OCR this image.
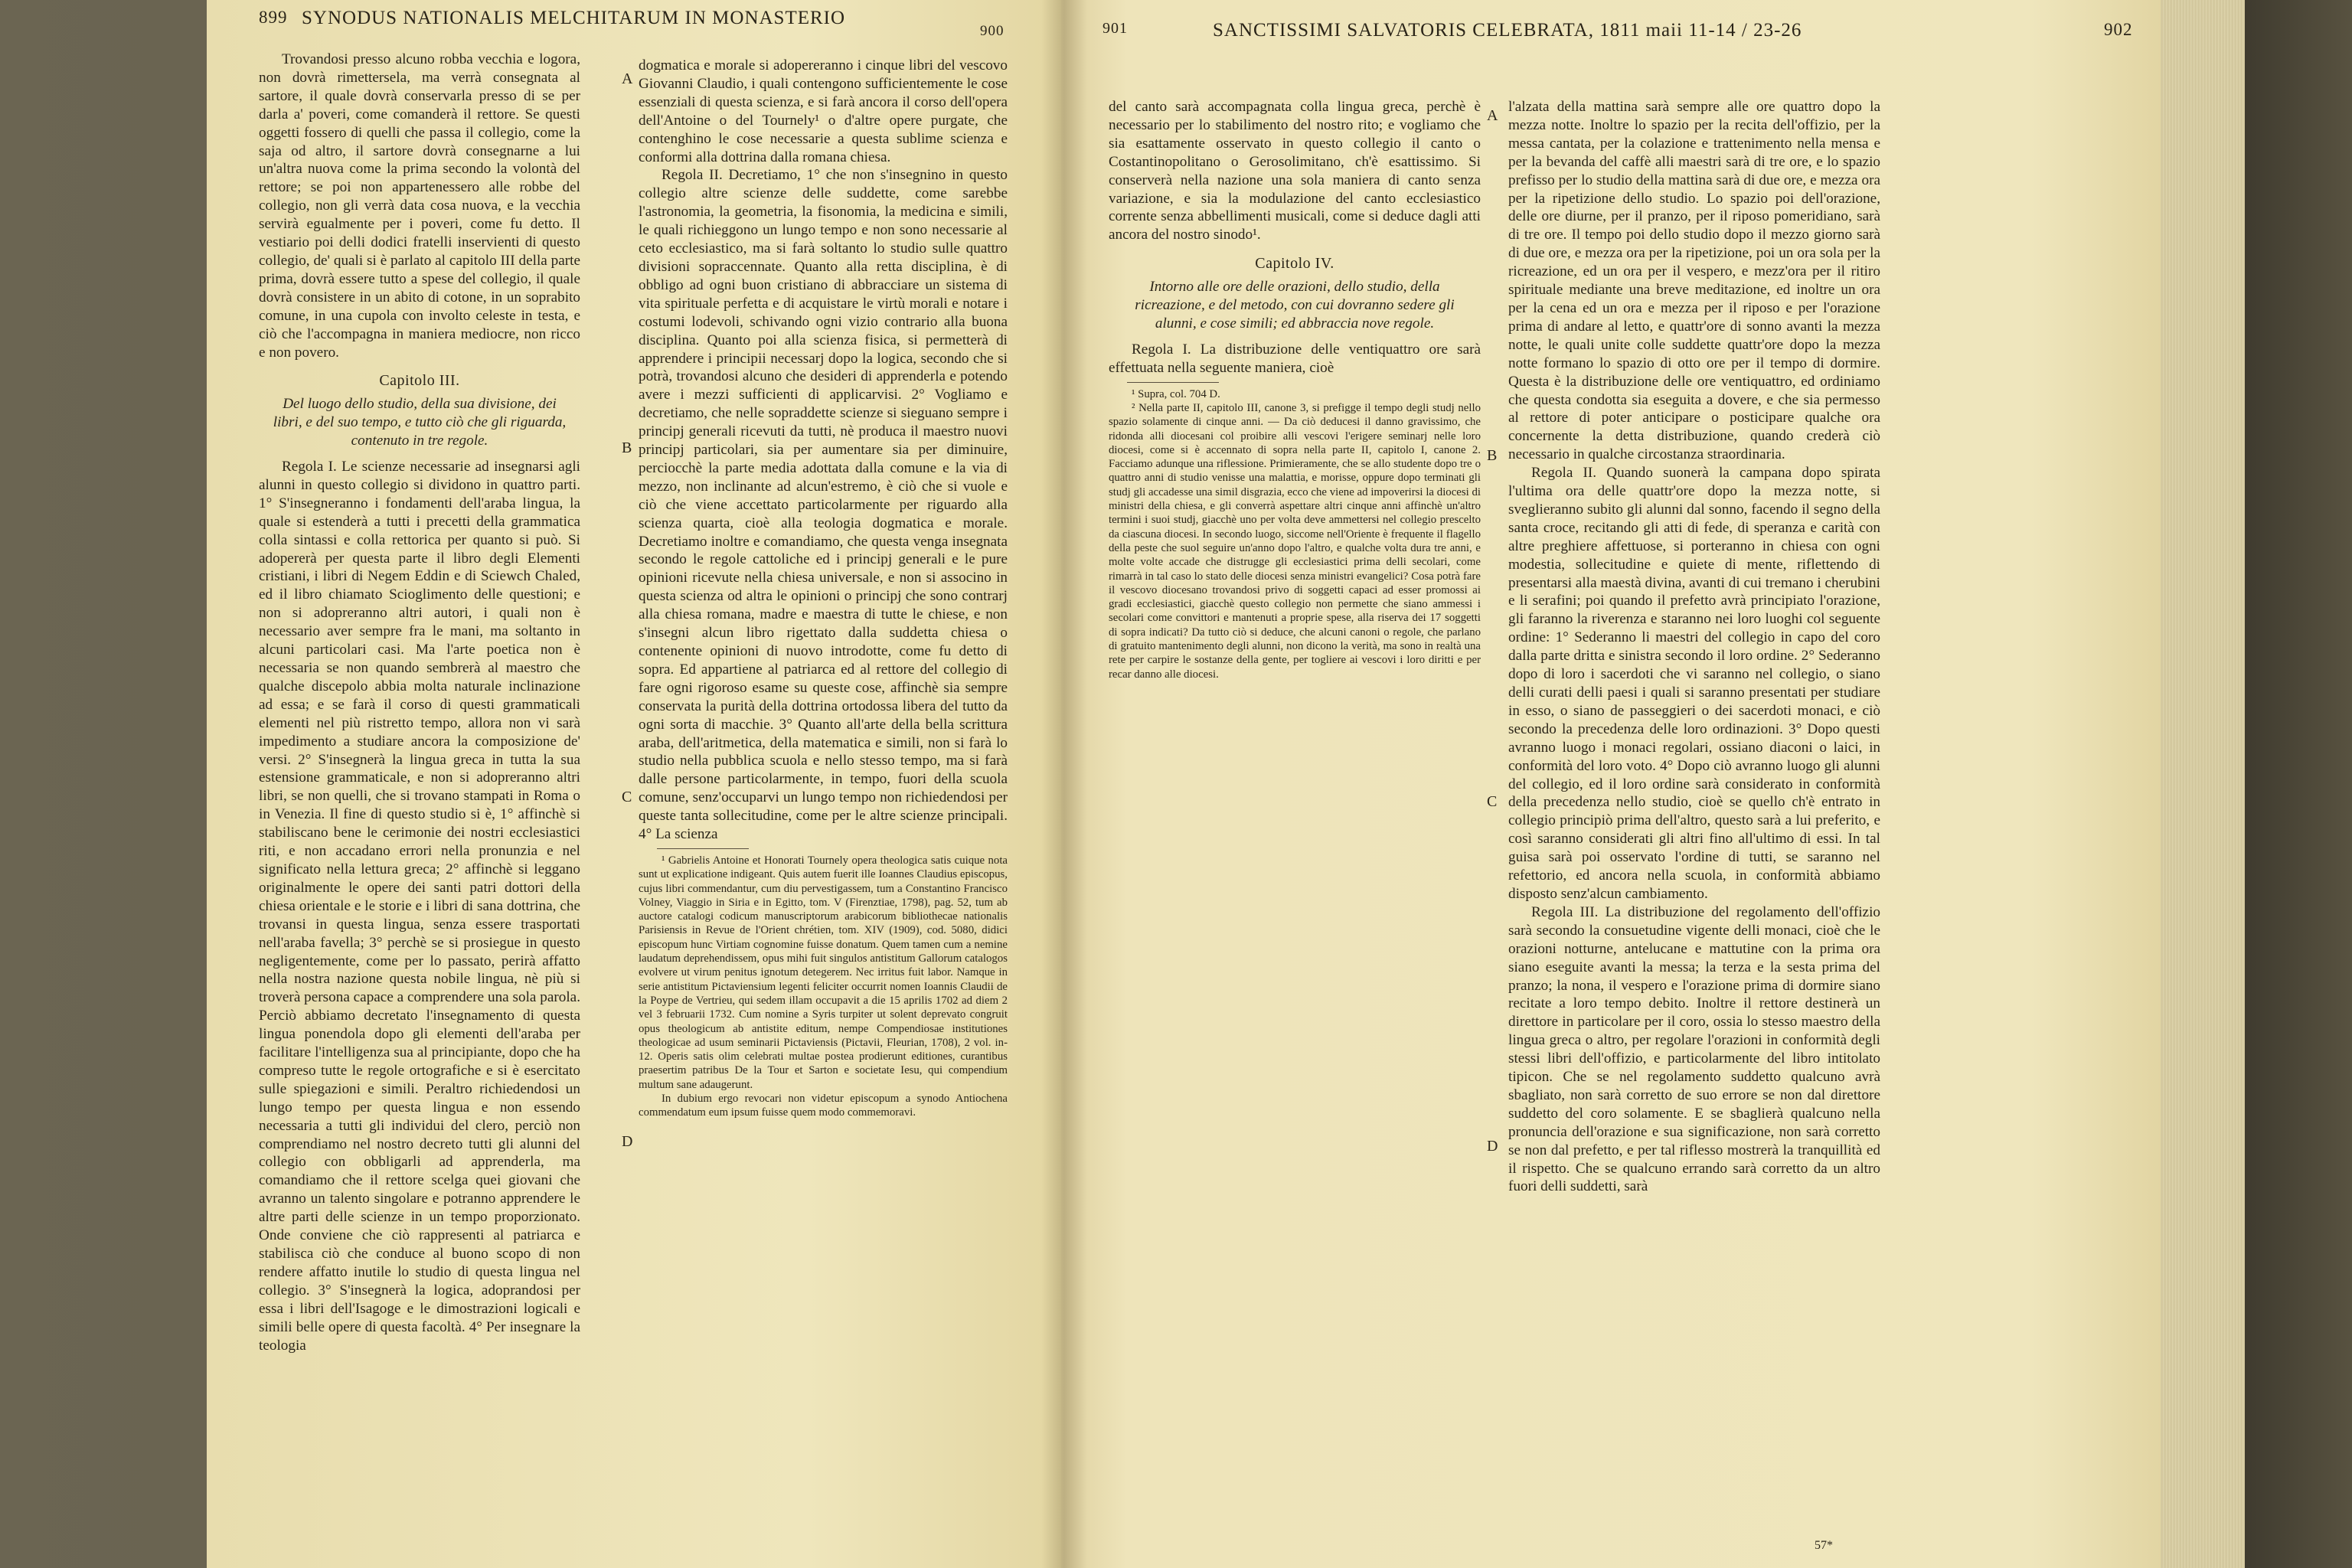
899 SYNODUS NATIONALIS MELCHITARUM IN MONASTERIO
900

Trovandosi presso alcuno robba vecchia e logora, non dovrà rimettersela, ma verrà consegnata al sartore, il quale dovrà conservarla presso di se per darla a' poveri, come comanderà il rettore. Se questi oggetti fossero di quelli che passa il collegio, come la saja od altro, il sartore dovrà consegnarne a lui un'altra nuova come la prima secondo la volontà del rettore; se poi non appartenessero alle robbe del collegio, non gli verrà data cosa nuova, e la vecchia servirà egualmente per i poveri, come fu detto. Il vestiario poi delli dodici fratelli inservienti di questo collegio, de' quali si è parlato al capitolo III della parte prima, dovrà essere tutto a spese del collegio, il quale dovrà consistere in un abito di cotone, in un soprabito comune, in una cupola con involto celeste in testa, e ciò che l'accompagna in maniera mediocre, non ricco e non povero.

Capitolo III.
Del luogo dello studio, della sua divisione, dei libri, e del suo tempo, e tutto ciò che gli riguarda, contenuto in tre regole.

Regola I. Le scienze necessarie ad insegnarsi agli alunni in questo collegio si dividono in quattro parti. 1° S'insegneranno i fondamenti dell'araba lingua, la quale si estenderà a tutti i precetti della grammatica colla sintassi e colla rettorica per quanto si può. Si adopererà per questa parte il libro degli Elementi cristiani, i libri di Negem Eddin e di Sciewch Chaled, ed il libro chiamato Scioglimento delle questioni; e non si adopreranno altri autori, i quali non è necessario aver sempre fra le mani, ma soltanto in alcuni particolari casi. Ma l'arte poetica non è necessaria se non quando sembrerà al maestro che qualche discepolo abbia molta naturale inclinazione ad essa; e se farà il corso di questi grammaticali elementi nel più ristretto tempo, allora non vi sarà impedimento a studiare ancora la composizione de' versi. 2° S'insegnerà la lingua greca in tutta la sua estensione grammaticale, e non si adopreranno altri libri, se non quelli, che si trovano stampati in Roma o in Venezia. Il fine di questo studio si è, 1° affinchè si stabiliscano bene le cerimonie dei nostri ecclesiastici riti, e non accadano errori nella pronunzia e nel significato nella lettura greca; 2° affinchè si leggano originalmente le opere dei santi patri dottori della chiesa orientale e le storie e i libri di sana dottrina, che trovansi in questa lingua, senza essere trasportati nell'araba favella; 3° perchè se si prosiegue in questo negligentemente, come per lo passato, perirà affatto nella nostra nazione questa nobile lingua, nè più si troverà persona capace a comprendere una sola parola. Perciò abbiamo decretato l'insegnamento di questa lingua ponendola dopo gli elementi dell'araba per facilitare l'intelligenza sua al principiante, dopo che ha compreso tutte le regole ortografiche e si è esercitato sulle spiegazioni e simili. Peraltro richiedendosi un lungo tempo per questa lingua e non essendo necessaria a tutti gli individui del clero, perciò non comprendiamo nel nostro decreto tutti gli alunni del collegio con obbligarli ad apprenderla, ma comandiamo che il rettore scelga quei giovani che avranno un talento singolare e potranno apprendere le altre parti delle scienze in un tempo proporzionato. Onde conviene che ciò rappresenti al patriarca e stabilisca ciò che conduce al buono scopo di non rendere affatto inutile lo studio di questa lingua nel collegio. 3° S'insegnerà la logica, adoprandosi per essa i libri dell'Isagoge e le dimostrazioni logicali e simili belle opere di questa facoltà. 4° Per insegnare la teologia

dogmatica e morale si adopereranno i cinque libri del vescovo Giovanni Claudio, i quali contengono sufficientemente le cose essenziali di questa scienza, e si farà ancora il corso dell'opera dell'Antoine o del Tournely¹ o d'altre opere purgate, che contenghino le cose necessarie a questa sublime scienza e conformi alla dottrina dalla romana chiesa.

Regola II. Decretiamo, 1° che non s'insegnino in questo collegio altre scienze delle suddette, come sarebbe l'astronomia, la geometria, la fisonomia, la medicina e simili, le quali richieggono un lungo tempo e non sono necessarie al ceto ecclesiastico, ma si farà soltanto lo studio sulle quattro divisioni sopraccennate. Quanto alla retta disciplina, è di obbligo ad ogni buon cristiano di abbracciare un sistema di vita spirituale perfetta e di acquistare le virtù morali e notare i costumi lodevoli, schivando ogni vizio contrario alla buona disciplina. Quanto poi alla scienza fisica, si permetterà di apprendere i principii necessarj dopo la logica, secondo che si potrà, trovandosi alcuno che desideri di apprenderla e potendo avere i mezzi sufficienti di applicarvisi. 2° Vogliamo e decretiamo, che nelle sopraddette scienze si sieguano sempre i principj generali ricevuti da tutti, nè produca il maestro nuovi principj particolari, sia per aumentare sia per diminuire, perciocchè la parte media adottata dalla comune e la via di mezzo, non inclinante ad alcun'estremo, è ciò che si vuole e ciò che viene accettato particolarmente per riguardo alla scienza quarta, cioè alla teologia dogmatica e morale. Decretiamo inoltre e comandiamo, che questa venga insegnata secondo le regole cattoliche ed i principj generali e le pure opinioni ricevute nella chiesa universale, e non si associno in questa scienza od altra le opinioni o principj che sono contrarj alla chiesa romana, madre e maestra di tutte le chiese, e non s'insegni alcun libro rigettato dalla suddetta chiesa o contenente opinioni di nuovo introdotte, come fu detto di sopra. Ed appartiene al patriarca ed al rettore del collegio di fare ogni rigoroso esame su queste cose, affinchè sia sempre conservata la purità della dottrina ortodossa libera del tutto da ogni sorta di macchie. 3° Quanto all'arte della bella scrittura araba, dell'aritmetica, della matematica e simili, non si farà lo studio nella pubblica scuola e nello stesso tempo, ma si farà dalle persone particolarmente, in tempo, fuori della scuola comune, senz'occuparvi un lungo tempo non richiedendosi per queste tanta sollecitudine, come per le altre scienze principali. 4° La scienza

¹ Gabrielis Antoine et Honorati Tournely opera theologica satis cuique nota sunt ut explicatione indigeant. Quis autem fuerit ille Ioannes Claudius episcopus, cujus libri commendantur, cum diu pervestigassem, tum a Constantino Francisco Volney, Viaggio in Siria e in Egitto, tom. V (Firenztiae, 1798), pag. 52, tum ab auctore catalogi codicum manuscriptorum arabicorum bibliothecae nationalis Parisiensis in Revue de l'Orient chrétien, tom. XIV (1909), cod. 5080, didici episcopum hunc Virtiam cognomine fuisse donatum. Quem tamen cum a nemine laudatum deprehendissem, opus mihi fuit singulos antistitum Gallorum catalogos evolvere ut virum penitus ignotum detegerem. Nec irritus fuit labor. Namque in serie antistitum Pictaviensium legenti feliciter occurrit nomen Ioannis Claudii de la Poype de Vertrieu, qui sedem illam occupavit a die 15 aprilis 1702 ad diem 2 vel 3 februarii 1732. Cum nomine a Syris turpiter ut solent deprevato congruit opus theologicum ab antistite editum, nempe Compendiosae institutiones theologicae ad usum seminarii Pictaviensis (Pictavii, Fleurian, 1708), 2 vol. in-12. Operis satis olim celebrati multae postea prodierunt editiones, curantibus praesertim patribus De la Tour et Sarton e societate Iesu, qui compendium multum sane adaugerunt.

In dubium ergo revocari non videtur episcopum a synodo Antiochena commendatum eum ipsum fuisse quem modo commemoravi.

A
B
C
D
901	SANCTISSIMI SALVATORIS CELEBRATA, 1811 maii 11-14 / 23-26	902

del canto sarà accompagnata colla lingua greca, perchè è necessario per lo stabilimento del nostro rito; e vogliamo che sia esattamente osservato in questo collegio il canto o Costantinopolitano o Gerosolimitano, ch'è esattissimo. Si conserverà nella nazione una sola maniera di canto senza variazione, e sia la modulazione del canto ecclesiastico corrente senza abbellimenti musicali, come si deduce dagli atti ancora del nostro sinodo¹.

Capitolo IV.
Intorno alle ore delle orazioni, dello studio, della ricreazione, e del metodo, con cui dovranno sedere gli alunni, e cose simili; ed abbraccia nove regole.

Regola I. La distribuzione delle ventiquattro ore sarà effettuata nella seguente maniera, cioè

¹ Supra, col. 704 D.

² Nella parte II, capitolo III, canone 3, si prefigge il tempo degli studj nello spazio solamente di cinque anni. — Da ciò deducesi il danno gravissimo, che ridonda alli diocesani col proibire alli vescovi l'erigere seminarj nelle loro diocesi, come si è accennato di sopra nella parte II, capitolo I, canone 2. Facciamo adunque una riflessione. Primieramente, che se allo studente dopo tre o quattro anni di studio venisse una malattia, e morisse, oppure dopo terminati gli studj gli accadesse una simil disgrazia, ecco che viene ad impoverirsi la diocesi di ministri della chiesa, e gli converrà aspettare altri cinque anni affinchè un'altro termini i suoi studj, giacchè uno per volta deve ammettersi nel collegio prescelto da ciascuna diocesi. In secondo luogo, siccome nell'Oriente è frequente il flagello della peste che suol seguire un'anno dopo l'altro, e qualche volta dura tre anni, e molte volte accade che distrugge gli ecclesiastici prima delli secolari, come rimarrà in tal caso lo stato delle diocesi senza ministri evangelici? Cosa potrà fare il vescovo diocesano trovandosi privo di soggetti capaci ad esser promossi ai gradi ecclesiastici, giacchè questo collegio non permette che siano ammessi i secolari come convittori e mantenuti a proprie spese, alla riserva dei 17 soggetti di sopra indicati? Da tutto ciò si deduce, che alcuni canoni o regole, che parlano di gratuito mantenimento degli alunni, non dicono la verità, ma sono in realtà una rete per carpire le sostanze della gente, per togliere ai vescovi i loro diritti e per recar danno alle diocesi.

A
B
C
D

l'alzata della mattina sarà sempre alle ore quattro dopo la mezza notte. Inoltre lo spazio per la recita dell'offizio, per la messa cantata, per la colazione e trattenimento nella mensa e per la bevanda del caffè alli maestri sarà di tre ore, e lo spazio prefisso per lo studio della mattina sarà di due ore, e mezza ora per la ripetizione dello studio. Lo spazio poi dell'orazione, delle ore diurne, per il pranzo, per il riposo pomeridiano, sarà di tre ore. Il tempo poi dello studio dopo il mezzo giorno sarà di due ore, e mezza ora per la ripetizione, poi un ora sola per la ricreazione, ed un ora per il vespero, e mezz'ora per il ritiro spirituale mediante una breve meditazione, ed inoltre un ora per la cena ed un ora e mezza per il riposo e per l'orazione prima di andare al letto, e quattr'ore di sonno avanti la mezza notte, le quali unite colle suddette quattr'ore dopo la mezza notte formano lo spazio di otto ore per il tempo di dormire. Questa è la distribuzione delle ore ventiquattro, ed ordiniamo che questa condotta sia eseguita a dovere, e che sia permesso al rettore di poter anticipare o posticipare qualche ora concernente la detta distribuzione, quando crederà ciò necessario in qualche circostanza straordinaria.

Regola II. Quando suonerà la campana dopo spirata l'ultima ora delle quattr'ore dopo la mezza notte, si sveglieranno subito gli alunni dal sonno, facendo il segno della santa croce, recitando gli atti di fede, di speranza e carità con altre preghiere affettuose, si porteranno in chiesa con ogni modestia, sollecitudine e quiete di mente, riflettendo di presentarsi alla maestà divina, avanti di cui tremano i cherubini e li serafini; poi quando il prefetto avrà principiato l'orazione, gli faranno la riverenza e staranno nei loro luoghi col seguente ordine: 1° Sederanno li maestri del collegio in capo del coro dalla parte dritta e sinistra secondo il loro ordine. 2° Sederanno dopo di loro i sacerdoti che vi saranno nel collegio, o siano delli curati delli paesi i quali si saranno presentati per studiare in esso, o siano de passeggieri o dei sacerdoti monaci, e ciò secondo la precedenza delle loro ordinazioni. 3° Dopo questi avranno luogo i monaci regolari, ossiano diaconi o laici, in conformità del loro voto. 4° Dopo ciò avranno luogo gli alunni del collegio, ed il loro ordine sarà considerato in conformità della precedenza nello studio, cioè se quello ch'è entrato in collegio principiò prima dell'altro, questo sarà a lui preferito, e così saranno considerati gli altri fino all'ultimo di essi. In tal guisa sarà poi osservato l'ordine di tutti, se saranno nel refettorio, ed ancora nella scuola, in conformità abbiamo disposto senz'alcun cambiamento.

Regola III. La distribuzione del regolamento dell'offizio sarà secondo la consuetudine vigente delli monaci, cioè che le orazioni notturne, antelucane e mattutine con la prima ora siano eseguite avanti la messa; la terza e la sesta prima del pranzo; la nona, il vespero e l'orazione prima di dormire siano recitate a loro tempo debito. Inoltre il rettore destinerà un direttore in particolare per il coro, ossia lo stesso maestro della lingua greca o altro, per regolare l'orazioni in conformità degli stessi libri dell'offizio, e particolarmente del libro intitolato tipicon. Che se nel regolamento suddetto qualcuno avrà sbagliato, non sarà corretto de suo errore se non dal direttore suddetto del coro solamente. E se sbaglierà qualcuno nella pronuncia dell'orazione e sua significazione, non sarà corretto se non dal prefetto, e per tal riflesso mostrerà la tranquillità ed il rispetto. Che se qualcuno errando sarà corretto da un altro fuori delli suddetti, sarà

57*
